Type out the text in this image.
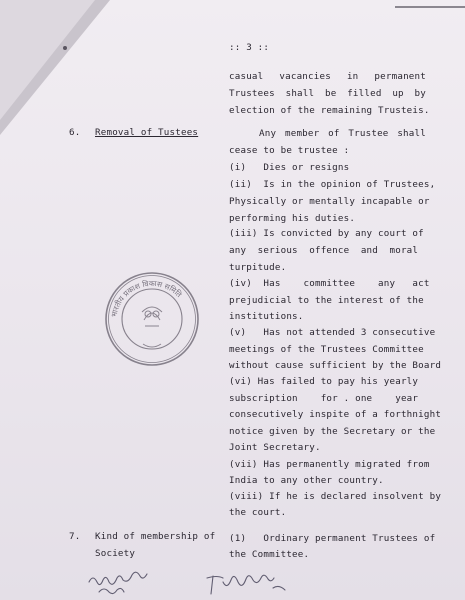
:: 3 ::
casual vacancies in permanent
Trustees shall be filled up by
election of the remaining Trusteis.
6. Removal of Tustees	Any member of Trustee shall
cease to be trustee :
(i)   Dies or resigns
(ii)  Is in the opinion of Trustees,
Physically or mentally incapable or
performing his duties.
(iii) Is convicted by any court of
any  serious  offence  and  moral
turpitude.
(iv)  Has    committee    any   act
prejudicial to the interest of the
institutions.
(v)   Has not attended 3 consecutive
meetings of the Trustees Committee
without cause sufficient by the Board
(vi) Has failed to pay his yearly
subscription    for . one    year
consecutively inspite of a forthnight
notice given by the Secretary or the
Joint Secretary.
(vii) Has permanently migrated from
India to any other country.
(viii) If he is declared insolvent by
the court.
7. Kind of membership of
Society
(1)   Ordinary permanent Trustees of
the Committee.
भारतीय प्रकाश विकास समिति
